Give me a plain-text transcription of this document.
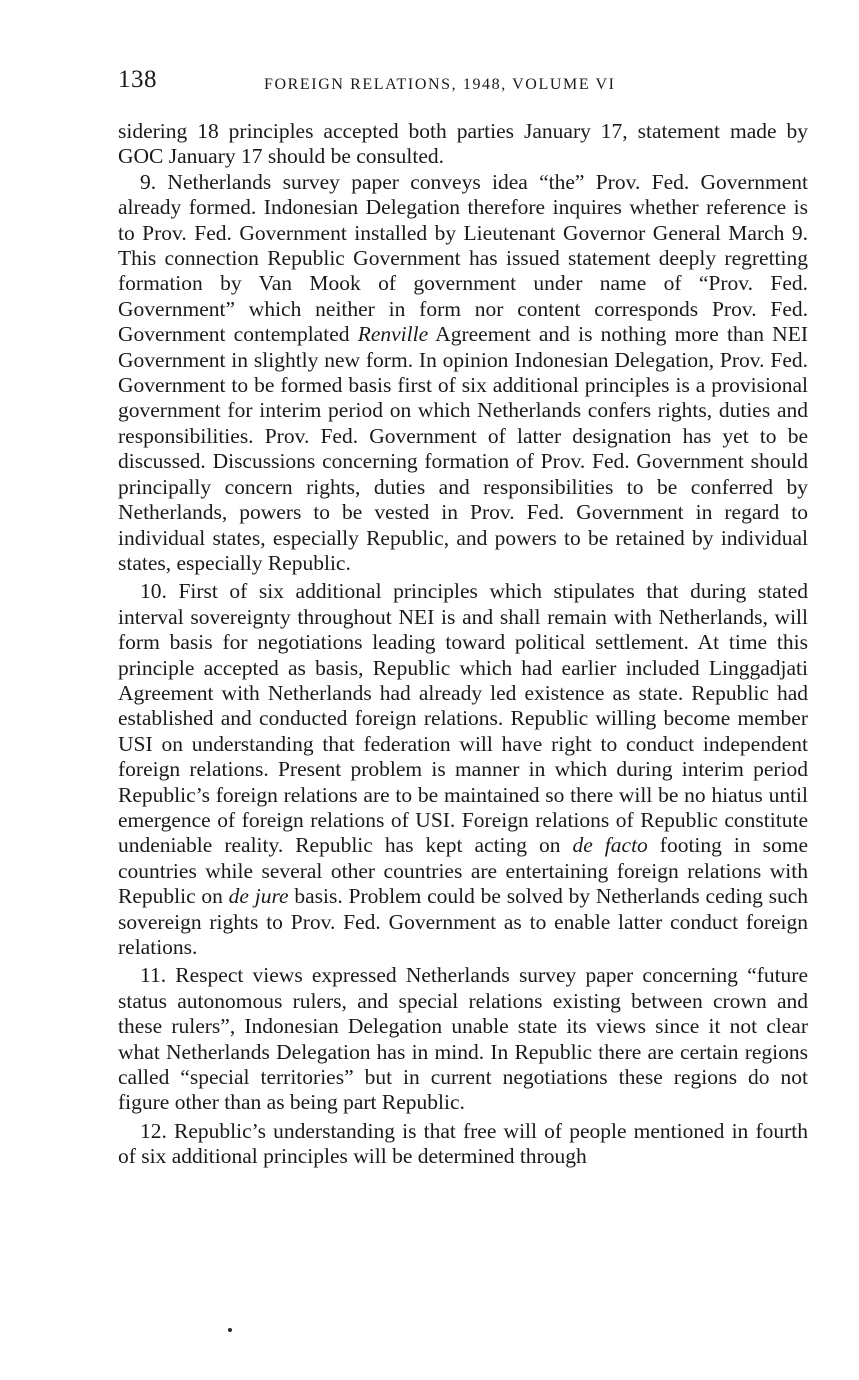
138	FOREIGN RELATIONS, 1948, VOLUME VI

sidering 18 principles accepted both parties January 17, statement made by GOC January 17 should be consulted.

9. Netherlands survey paper conveys idea “the” Prov. Fed. Government already formed. Indonesian Delegation therefore inquires whether reference is to Prov. Fed. Government installed by Lieutenant Governor General March 9. This connection Republic Government has issued statement deeply regretting formation by Van Mook of government under name of “Prov. Fed. Government” which neither in form nor content corresponds Prov. Fed. Government contemplated Renville Agreement and is nothing more than NEI Government in slightly new form. In opinion Indonesian Delegation, Prov. Fed. Government to be formed basis first of six additional principles is a provisional government for interim period on which Netherlands confers rights, duties and responsibilities. Prov. Fed. Government of latter designation has yet to be discussed. Discussions concerning formation of Prov. Fed. Government should principally concern rights, duties and responsibilities to be conferred by Netherlands, powers to be vested in Prov. Fed. Government in regard to individual states, especially Republic, and powers to be retained by individual states, especially Republic.

10. First of six additional principles which stipulates that during stated interval sovereignty throughout NEI is and shall remain with Netherlands, will form basis for negotiations leading toward political settlement. At time this principle accepted as basis, Republic which had earlier included Linggadjati Agreement with Netherlands had already led existence as state. Republic had established and conducted foreign relations. Republic willing become member USI on understanding that federation will have right to conduct independent foreign relations. Present problem is manner in which during interim period Republic’s foreign relations are to be maintained so there will be no hiatus until emergence of foreign relations of USI. Foreign relations of Republic constitute undeniable reality. Republic has kept acting on de facto footing in some countries while several other countries are entertaining foreign relations with Republic on de jure basis. Problem could be solved by Netherlands ceding such sovereign rights to Prov. Fed. Government as to enable latter conduct foreign relations.

11. Respect views expressed Netherlands survey paper concerning “future status autonomous rulers, and special relations existing between crown and these rulers”, Indonesian Delegation unable state its views since it not clear what Netherlands Delegation has in mind. In Republic there are certain regions called “special territories” but in current negotiations these regions do not figure other than as being part Republic.

12. Republic’s understanding is that free will of people mentioned in fourth of six additional principles will be determined through
